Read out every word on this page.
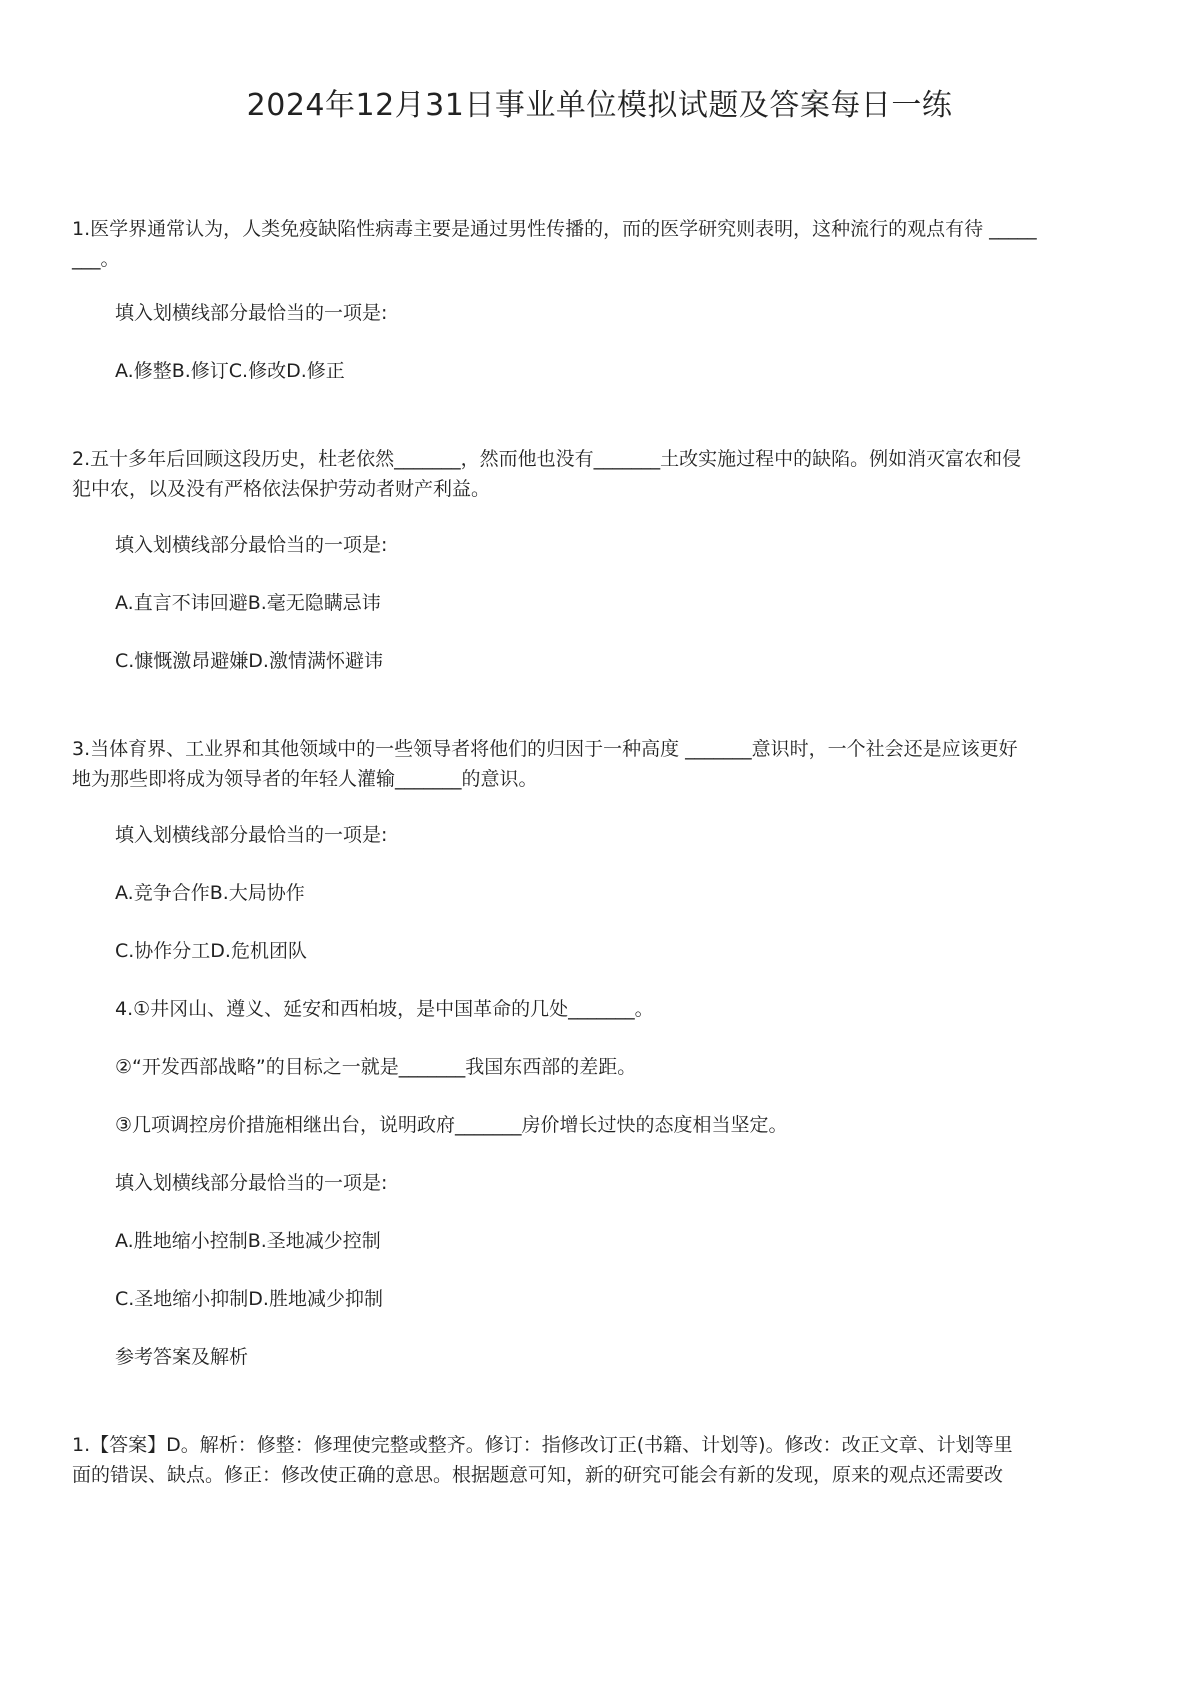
2024年12月31日事业单位模拟试题及答案每日一练
1.医学界通常认为，人类免疫缺陷性病毒主要是通过男性传播的，而的医学研究则表明，这种流行的观点有待 _____
___。
填入划横线部分最恰当的一项是:
A.修整B.修订C.修改D.修正
2.五十多年后回顾这段历史，杜老依然_______，然而他也没有_______土改实施过程中的缺陷。例如消灭富农和侵
犯中农，以及没有严格依法保护劳动者财产利益。
填入划横线部分最恰当的一项是:
A.直言不讳回避B.毫无隐瞒忌讳
C.慷慨激昂避嫌D.激情满怀避讳
3.当体育界、工业界和其他领域中的一些领导者将他们的归因于一种高度 _______意识时，一个社会还是应该更好
地为那些即将成为领导者的年轻人灌输_______的意识。
填入划横线部分最恰当的一项是:
A.竞争合作B.大局协作
C.协作分工D.危机团队
4.①井冈山、遵义、延安和西柏坡，是中国革命的几处_______。
②“开发西部战略”的目标之一就是_______我国东西部的差距。
③几项调控房价措施相继出台，说明政府_______房价增长过快的态度相当坚定。
填入划横线部分最恰当的一项是:
A.胜地缩小控制B.圣地减少控制
C.圣地缩小抑制D.胜地减少抑制
参考答案及解析
1.【答案】D。解析：修整：修理使完整或整齐。修订：指修改订正(书籍、计划等)。修改：改正文章、计划等里
面的错误、缺点。修正：修改使正确的意思。根据题意可知，新的研究可能会有新的发现，原来的观点还需要改
